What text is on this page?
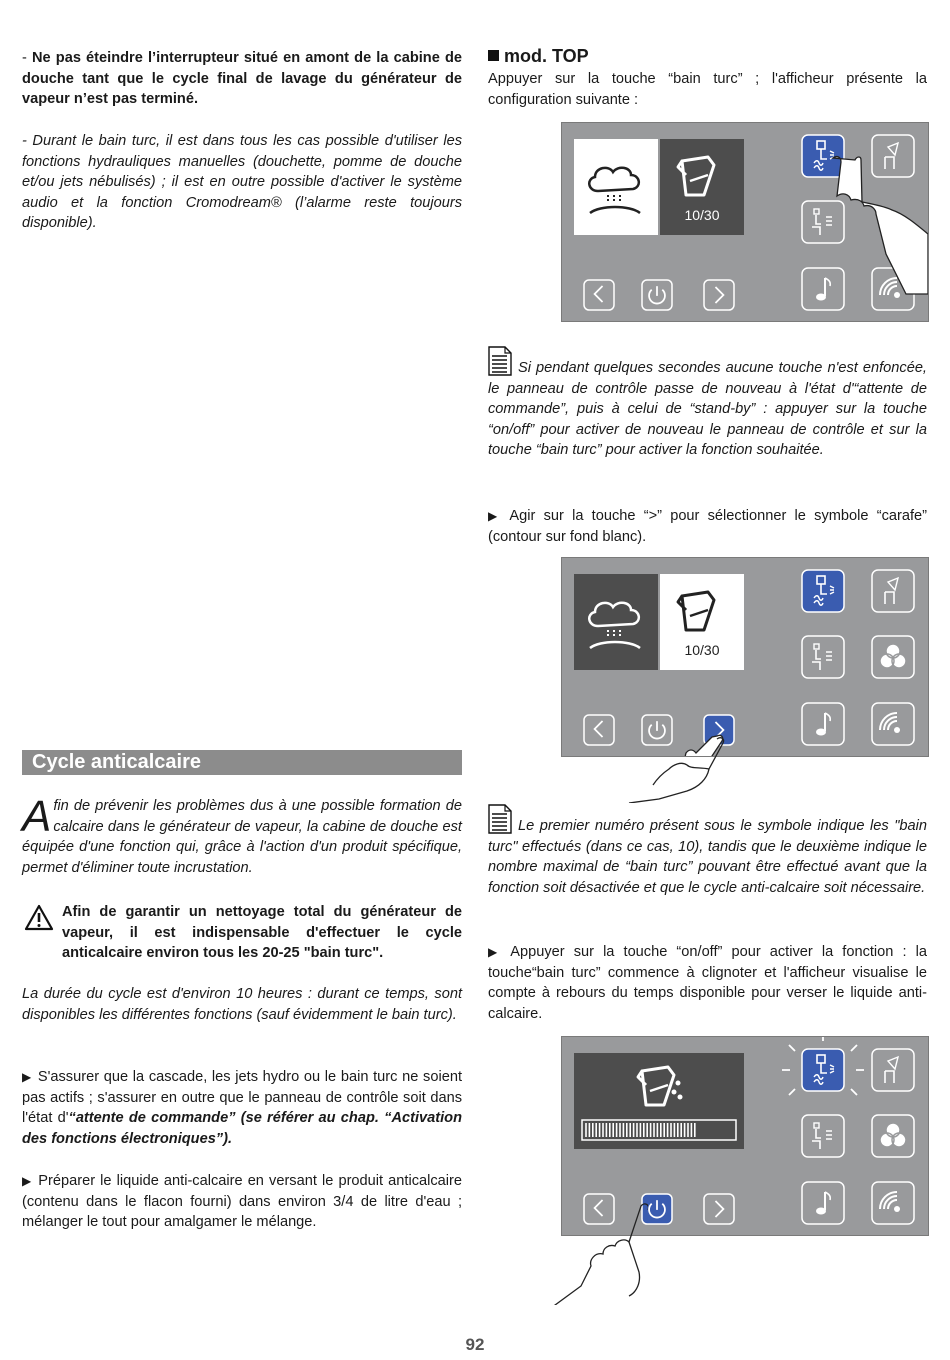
- Ne pas éteindre l’interrupteur situé en amont de la cabine de douche tant que le cycle final de lavage du générateur de vapeur n’est pas terminé.

- Durant le bain turc, il est dans tous les cas possible d'utiliser les fonctions hydrauliques manuelles (douchette, pomme de douche et/ou jets nébulisés) ; il est en outre possible d'activer le système audio et la fonction Cromodream® (l’alarme reste toujours disponible).

Cycle anticalcaire
Afin de prévenir les problèmes dus à une possible formation de calcaire dans le générateur de vapeur, la cabine de douche est équipée d'une fonction qui, grâce à l'action d'un produit spécifique, permet d'éliminer toute incrustation.

Afin de garantir un nettoyage total du générateur de vapeur, il est indispensable d'effectuer le cycle anticalcaire environ tous les 20-25 "bain turc".

La durée du cycle est d'environ 10 heures : durant ce temps, sont disponibles les différentes fonctions (sauf évidemment le bain turc).

▶ S'assurer que la cascade, les jets hydro ou le bain turc ne soient pas actifs ; s'assurer en outre que le panneau de contrôle soit dans l'état d'“attente de commande” (se référer au chap. “Activation des fonctions électroniques”).

▶ Préparer le liquide anti-calcaire en versant le produit anticalcaire (contenu dans le flacon fourni) dans environ 3/4 de litre d'eau ; mélanger le tout pour amalgamer le mélange.

mod. TOP

Appuyer sur la touche “bain turc” ; l'afficheur présente la configuration suivante :

10/30

Si pendant quelques secondes aucune touche n'est enfoncée, le panneau de contrôle passe de nouveau à l'état d'“attente de commande”, puis à celui de “stand-by” : appuyer sur la touche “on/off” pour activer de nouveau le panneau de contrôle et sur la touche “bain turc” pour activer la fonction souhaitée.

▶ Agir sur la touche “>” pour sélectionner le symbole “carafe” (contour sur fond blanc).

10/30

Le premier numéro présent sous le symbole indique les "bain turc" effectués (dans ce cas, 10), tandis que le deuxième indique le nombre maximal de “bain turc” pouvant être effectué avant que la fonction soit désactivée et que le cycle anti-calcaire soit nécessaire.

▶ Appuyer sur la touche “on/off” pour activer la fonction : la touche“bain turc” commence à clignoter et l'afficheur visualise le compte à rebours du temps disponible pour verser le liquide anti-calcaire.

92
